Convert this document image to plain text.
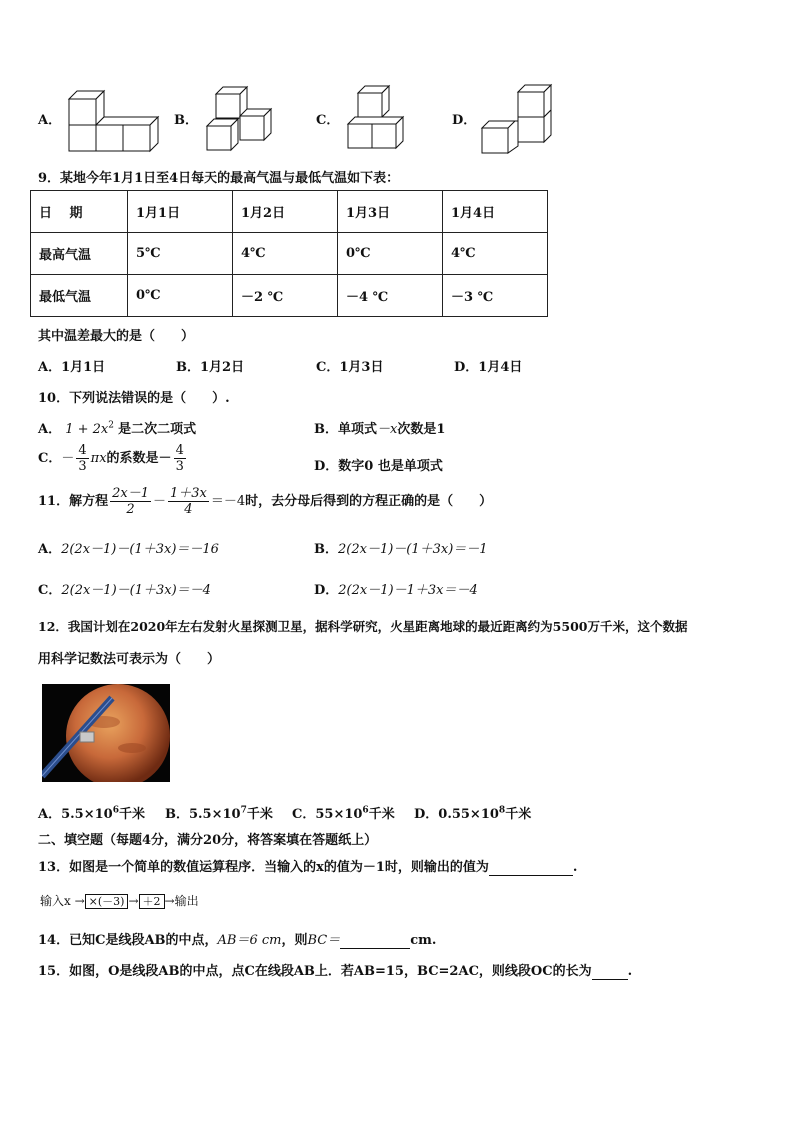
A．	B．	C．	D．
9．某地今年1月1日至4日每天的最高气温与最低气温如下表：
日　 期	1月1日	1月2日	1月3日	1月4日
最高气温	5℃	4℃	0℃	4℃
最低气温	0℃	－2 ℃	－4 ℃	－3 ℃
其中温差最大的是（　　）
A．1月1日	B．1月2日	C．1月3日	D．1月4日
10．下列说法错误的是（　　）.
A． $1 + 2x^2$ 是二次二项式	B．单项式－x次数是1
C．－ $\frac{4}{3}$ πx的系数是－ $\frac{4}{3}$	D．数字0 也是单项式
11．解方程 $\frac{2x-1}{2} - \frac{1+3x}{4} =-4$时，去分母后得到的方程正确的是（　　）
A．2(2x－1)－(1＋3x)＝－16	B．2(2x－1)－(1＋3x)＝－1
C．2(2x－1)－(1＋3x)＝－4	D．2(2x－1)－1＋3x＝－4
12．我国计划在2020年左右发射火星探测卫星，据科学研究，火星距离地球的最近距离约为5500万千米，这个数据
用科学记数法可表示为（　　）
A．$5.5\times 10^6$千米 B．$5.5\times 10^7$千米 C．$55\times 10^6$千米 D．$0.55\times 10^8$千米
二、填空题（每题4分，满分20分，将答案填在答题纸上）
13．如图是一个简单的数值运算程序．当输入的x的值为－1时，则输出的值为	.
输入x → ×(－3) → ＋2 →输出
14．已知C是线段AB的中点，AB＝6 cm，则BC＝	cm.
15．如图，O是线段AB的中点，点C在线段AB上．若AB=15，BC=2AC，则线段OC的长为	.
